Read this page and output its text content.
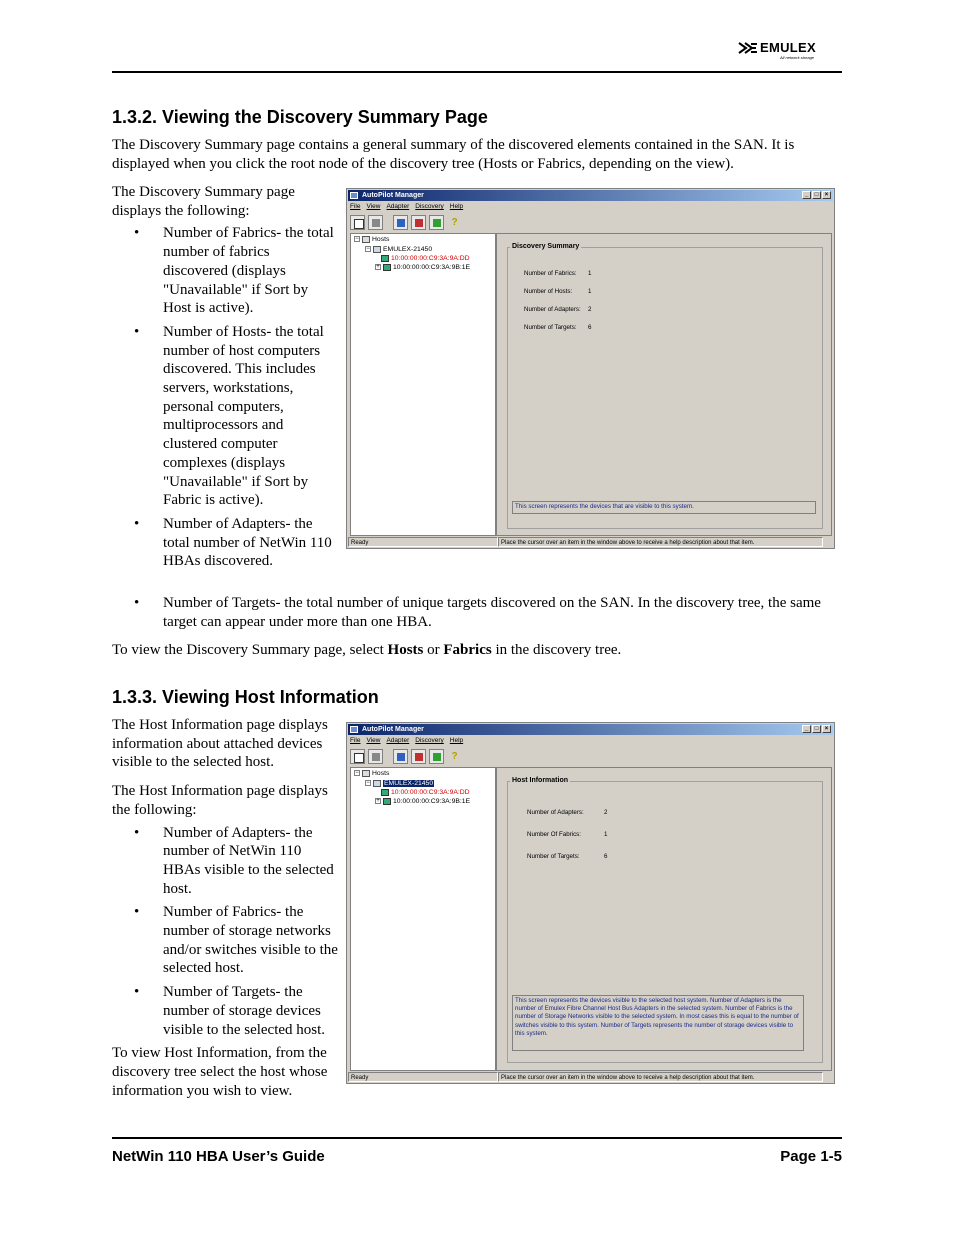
EMULEX
All network storage
1.3.2. Viewing the Discovery Summary Page
The Discovery Summary page contains a general summary of the discovered elements contained in the SAN. It is displayed when you click the root node of the discovery tree (Hosts or Fabrics, depending on the view).
The Discovery Summary page displays the following:
• Number of Fabrics- the total number of fabrics discovered (displays "Unavailable" if Sort by Host is active).
• Number of Hosts- the total number of host computers discovered. This includes servers, workstations, personal computers, multiprocessors and clustered computer complexes (displays "Unavailable" if Sort by Fabric is active).
• Number of Adapters- the total number of NetWin 110 HBAs discovered.
• Number of Targets- the total number of unique targets discovered on the SAN. In the discovery tree, the same target can appear under more than one HBA.
To view the Discovery Summary page, select Hosts or Fabrics in the discovery tree.
AutoPilot Manager	_	□	×
File View Adapter Discovery Help
?
− Hosts
− EMULEX-21450
10:00:00:00:C9:3A:9A:DD
+ 10:00:00:00:C9:3A:9B:1E
Discovery Summary
Number of Fabrics: 1
Number of Hosts:	1
Number of Adapters: 2
Number of Targets: 6
This screen represents the devices that are visible to this system.
Ready	Place the cursor over an item in the window above to receive a help description about that item.
1.3.3. Viewing Host Information
The Host Information page displays information about attached devices visible to the selected host.
The Host Information page displays the following:
• Number of Adapters- the number of NetWin 110 HBAs visible to the selected host.
• Number of Fabrics- the number of storage networks and/or switches visible to the selected host.
• Number of Targets- the number of storage devices visible to the selected host.
To view Host Information, from the discovery tree select the host whose information you wish to view.
AutoPilot Manager	_	□	×
File View Adapter Discovery Help
?
− Hosts
− EMULEX-21450
10:00:00:00:C9:3A:9A:DD
+ 10:00:00:00:C9:3A:9B:1E
Host Information
Number of Adapters:	2
Number Of Fabrics:	1
Number of Targets:	6
This screen represents the devices visible to the selected host system. Number of Adapters is the number of Emulex Fibre Channel Host Bus Adapters in the selected system. Number of Fabrics is the number of Storage Networks visible to the selected system. In most cases this is equal to the number of switches visible to this system. Number of Targets represents the number of storage devices visible to this system.
Ready	Place the cursor over an item in the window above to receive a help description about that item.
NetWin 110 HBA User’s Guide	Page 1-5
